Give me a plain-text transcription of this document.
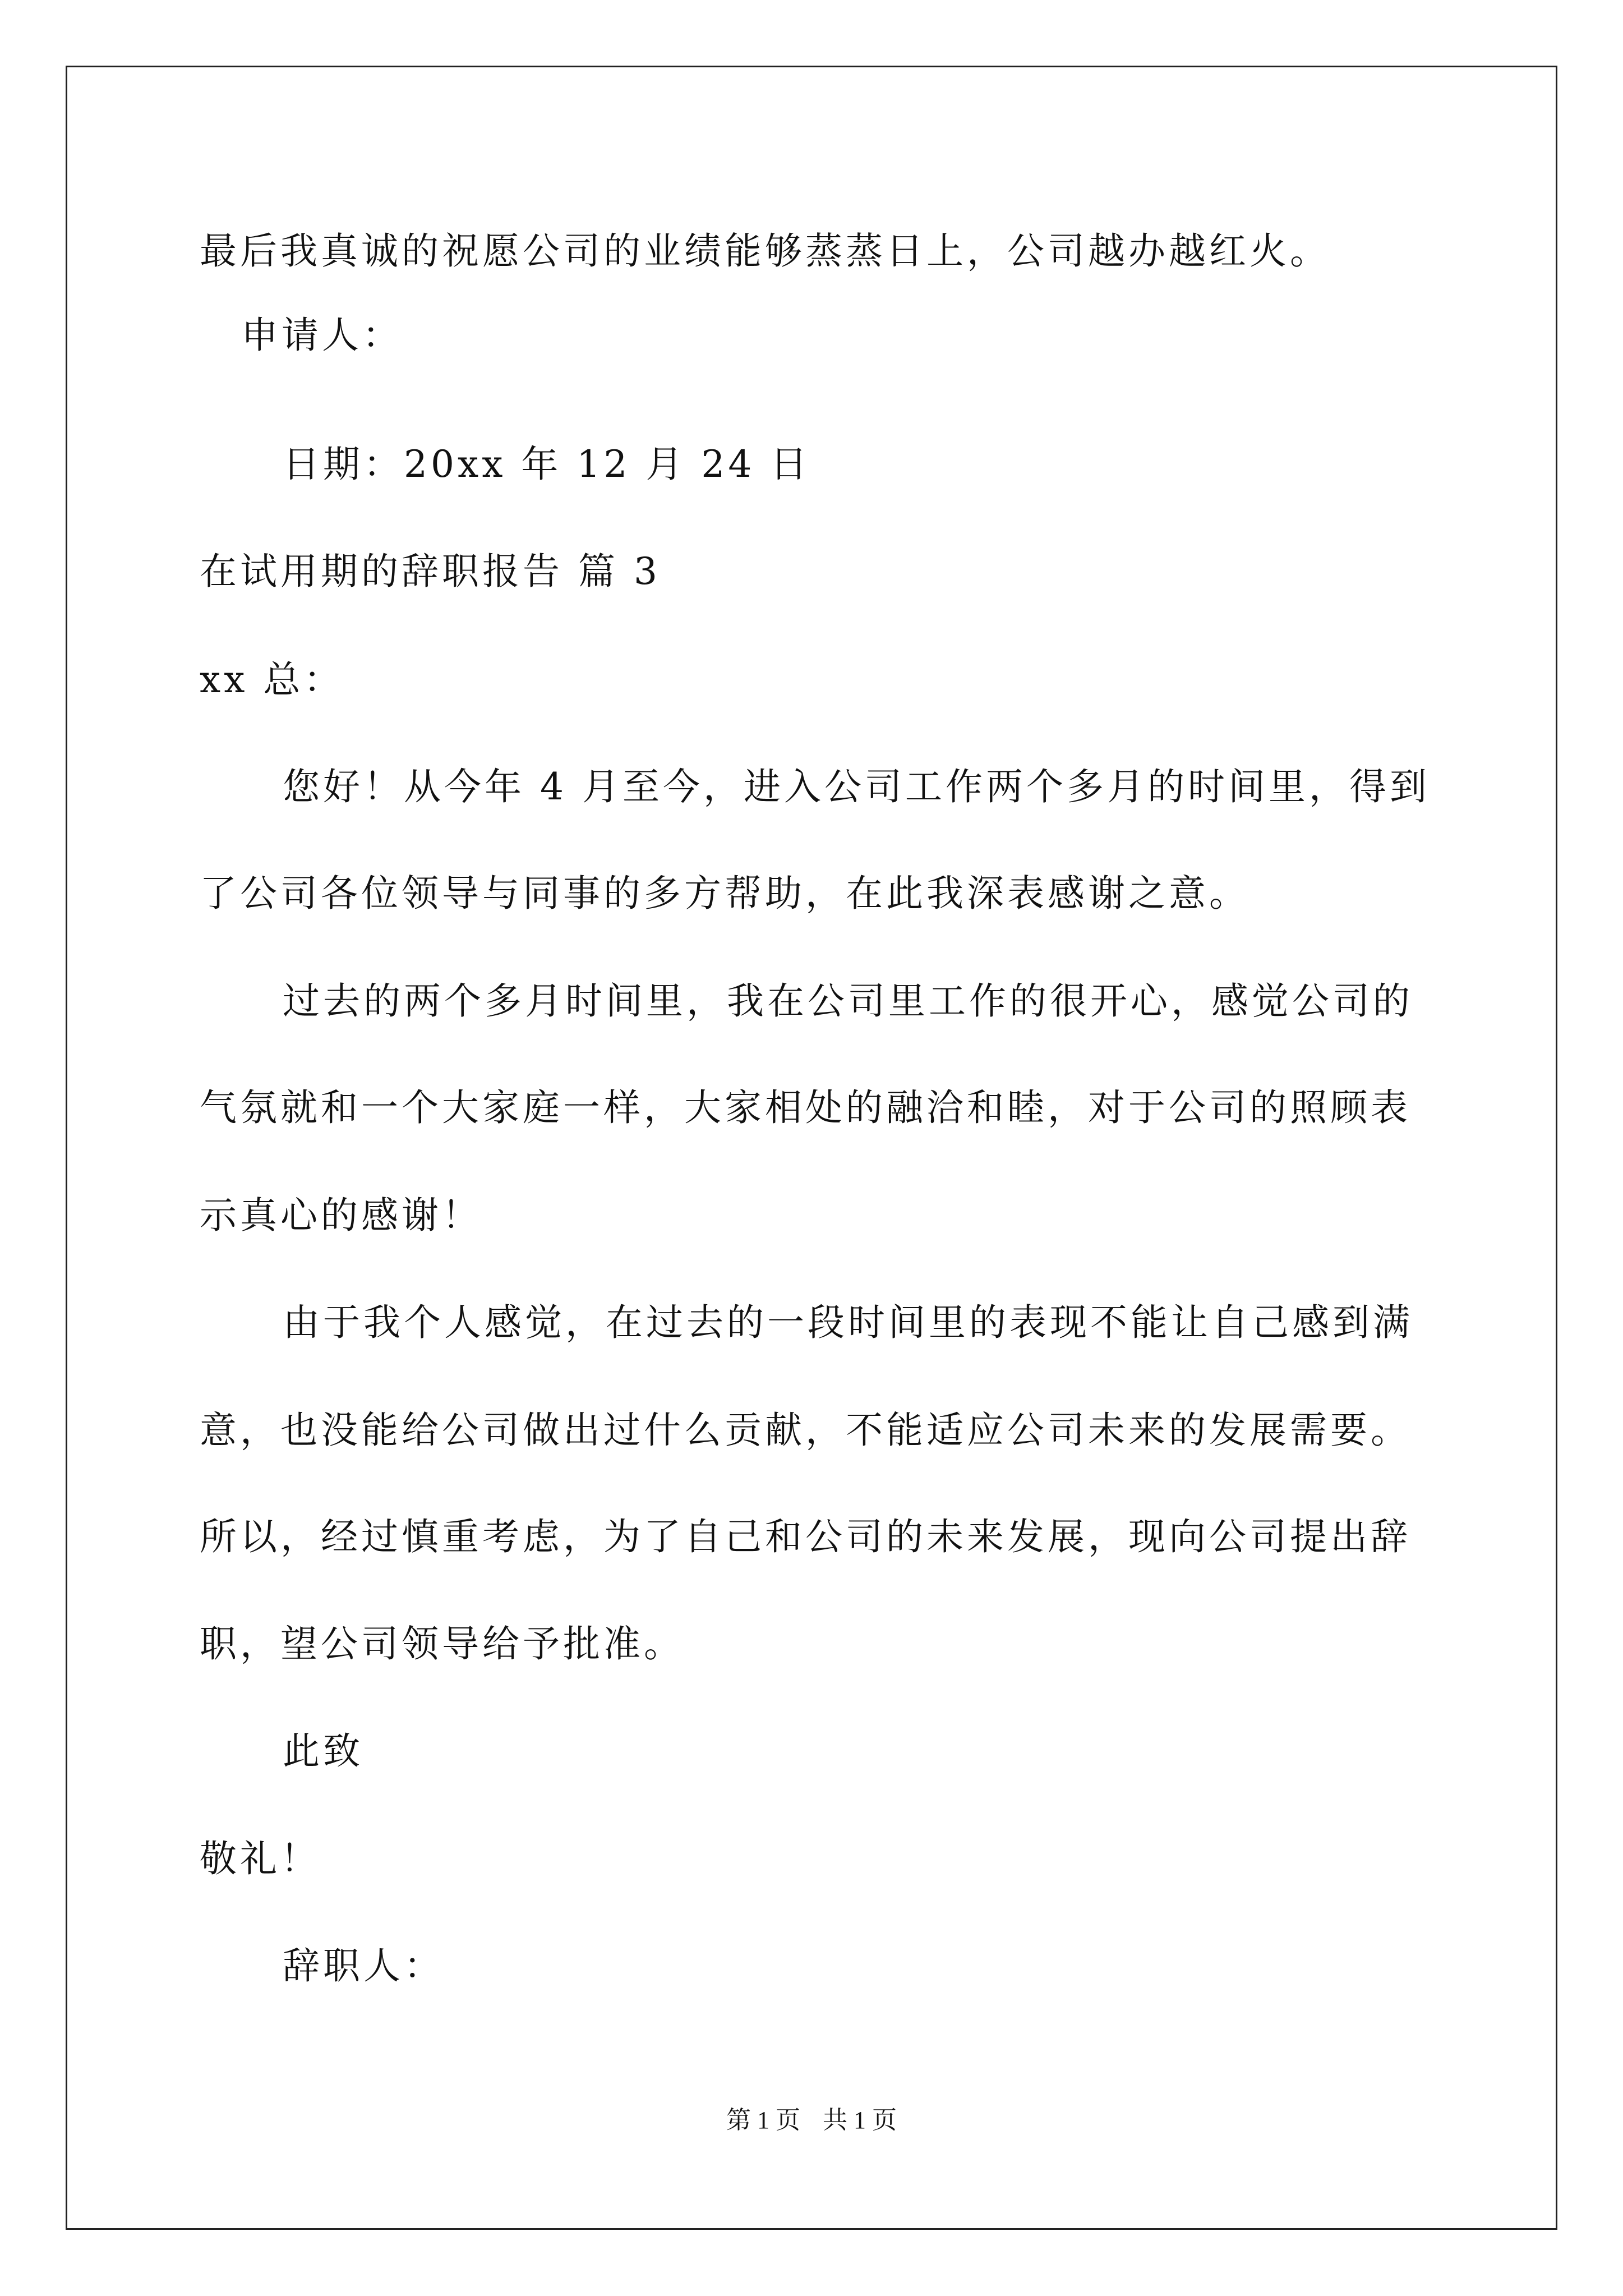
最后我真诚的祝愿公司的业绩能够蒸蒸日上，公司越办越红火。
申请人：
日期：20xx 年 12 月 24 日
在试用期的辞职报告 篇 3
xx 总：
您好！从今年 4 月至今，进入公司工作两个多月的时间里，得到
了公司各位领导与同事的多方帮助，在此我深表感谢之意。
过去的两个多月时间里，我在公司里工作的很开心，感觉公司的
气氛就和一个大家庭一样，大家相处的融洽和睦，对于公司的照顾表
示真心的感谢！
由于我个人感觉，在过去的一段时间里的表现不能让自己感到满
意，也没能给公司做出过什么贡献，不能适应公司未来的发展需要。
所以，经过慎重考虑，为了自己和公司的未来发展，现向公司提出辞
职，望公司领导给予批准。
此致
敬礼！
辞职人：
第 1 页 共 1 页
